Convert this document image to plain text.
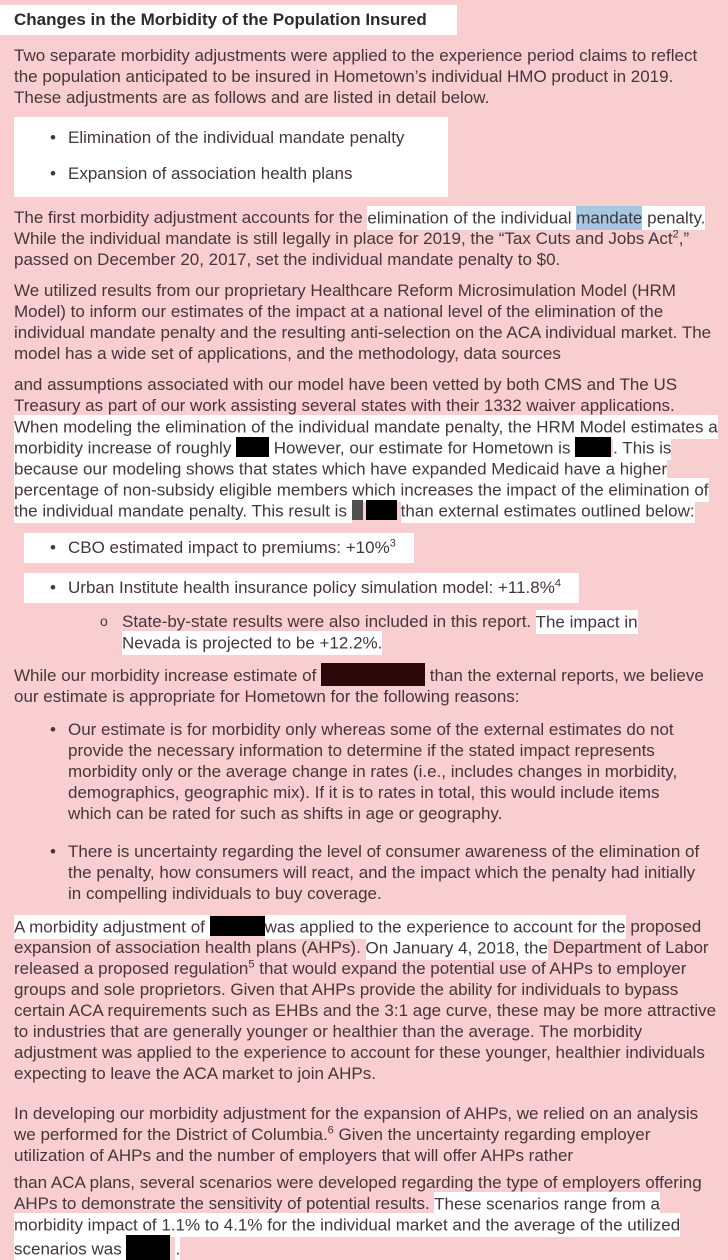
Changes in the Morbidity of the Population Insured

Two separate morbidity adjustments were applied to the experience period claims to reflect the population anticipated to be insured in Hometown’s individual HMO product in 2019. These adjustments are as follows and are listed in detail below.

• Elimination of the individual mandate penalty
• Expansion of association health plans

The first morbidity adjustment accounts for the elimination of the individual mandate penalty. While the individual mandate is still legally in place for 2019, the “Tax Cuts and Jobs Act$^2$,” passed on December 20, 2017, set the individual mandate penalty to $0.

We utilized results from our proprietary Healthcare Reform Microsimulation Model (HRM Model) to inform our estimates of the impact at a national level of the elimination of the individual mandate penalty and the resulting anti-selection on the ACA individual market. The model has a wide set of applications, and the methodology, data sources

and assumptions associated with our model have been vetted by both CMS and The US Treasury as part of our work assisting several states with their 1332 waiver applications. When modeling the elimination of the individual mandate penalty, the HRM Model estimates a morbidity increase of roughly  However, our estimate for Hometown is . This is because our modeling shows that states which have expanded Medicaid have a higher percentage of non-subsidy eligible members which increases the impact of the elimination of the individual mandate penalty. This result is	than external estimates outlined below:

• CBO estimated impact to premiums: +10%$^3$
• Urban Institute health insurance policy simulation model: +11.8%$^4$
o State-by-state results were also included in this report. The impact in Nevada is projected to be +12.2%.

While our morbidity increase estimate of	than the external reports, we believe our estimate is appropriate for Hometown for the following reasons:

• Our estimate is for morbidity only whereas some of the external estimates do not provide the necessary information to determine if the stated impact represents morbidity only or the average change in rates (i.e., includes changes in morbidity, demographics, geographic mix). If it is to rates in total, this would include items which can be rated for such as shifts in age or geography.
• There is uncertainty regarding the level of consumer awareness of the elimination of the penalty, how consumers will react, and the impact which the penalty had initially in compelling individuals to buy coverage.

A morbidity adjustment of	was applied to the experience to account for the proposed expansion of association health plans (AHPs). On January 4, 2018, the Department of Labor released a proposed regulation$^5$ that would expand the potential use of AHPs to employer groups and sole proprietors. Given that AHPs provide the ability for individuals to bypass certain ACA requirements such as EHBs and the 3:1 age curve, these may be more attractive to industries that are generally younger or healthier than the average. The morbidity adjustment was applied to the experience to account for these younger, healthier individuals expecting to leave the ACA market to join AHPs.

In developing our morbidity adjustment for the expansion of AHPs, we relied on an analysis we performed for the District of Columbia.$^6$ Given the uncertainty regarding employer utilization of AHPs and the number of employers that will offer AHPs rather

than ACA plans, several scenarios were developed regarding the type of employers offering AHPs to demonstrate the sensitivity of potential results. These scenarios range from a morbidity impact of 1.1% to 4.1% for the individual market and the average of the utilized scenarios was	.
